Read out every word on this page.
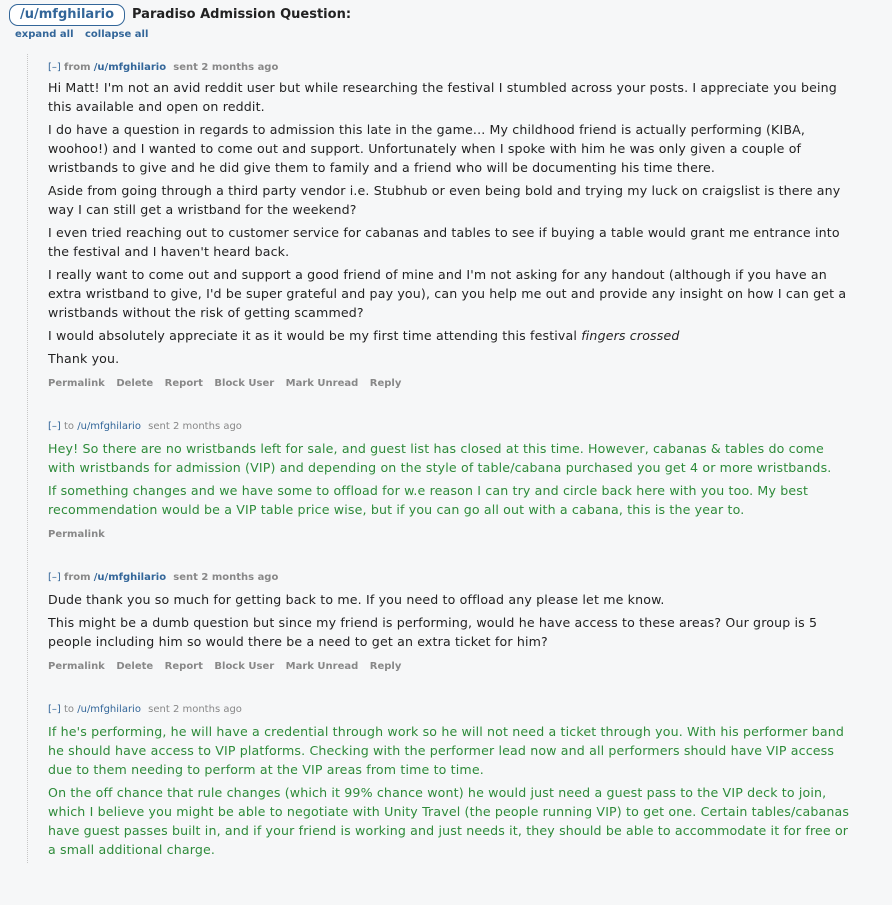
/u/mfghilario	Paradiso Admission Question:
expand all collapse all
[–] from /u/mfghilario sent 2 months ago

Hi Matt! I'm not an avid reddit user but while researching the festival I stumbled across your posts. I appreciate you being this available and open on reddit.

I do have a question in regards to admission this late in the game... My childhood friend is actually performing (KIBA, woohoo!) and I wanted to come out and support. Unfortunately when I spoke with him he was only given a couple of wristbands to give and he did give them to family and a friend who will be documenting his time there.

Aside from going through a third party vendor i.e. Stubhub or even being bold and trying my luck on craigslist is there any way I can still get a wristband for the weekend?

I even tried reaching out to customer service for cabanas and tables to see if buying a table would grant me entrance into the festival and I haven't heard back.

I really want to come out and support a good friend of mine and I'm not asking for any handout (although if you have an extra wristband to give, I'd be super grateful and pay you), can you help me out and provide any insight on how I can get a wristbands without the risk of getting scammed?

I would absolutely appreciate it as it would be my first time attending this festival fingers crossed

Thank you.

Permalink Delete Report Block User Mark Unread Reply
[–] to /u/mfghilario sent 2 months ago

Hey! So there are no wristbands left for sale, and guest list has closed at this time. However, cabanas & tables do come with wristbands for admission (VIP) and depending on the style of table/cabana purchased you get 4 or more wristbands.

If something changes and we have some to offload for w.e reason I can try and circle back here with you too. My best recommendation would be a VIP table price wise, but if you can go all out with a cabana, this is the year to.

Permalink
[–] from /u/mfghilario sent 2 months ago

Dude thank you so much for getting back to me. If you need to offload any please let me know.

This might be a dumb question but since my friend is performing, would he have access to these areas? Our group is 5 people including him so would there be a need to get an extra ticket for him?

Permalink Delete Report Block User Mark Unread Reply
[–] to /u/mfghilario sent 2 months ago

If he's performing, he will have a credential through work so he will not need a ticket through you. With his performer band he should have access to VIP platforms. Checking with the performer lead now and all performers should have VIP access due to them needing to perform at the VIP areas from time to time.

On the off chance that rule changes (which it 99% chance wont) he would just need a guest pass to the VIP deck to join, which I believe you might be able to negotiate with Unity Travel (the people running VIP) to get one. Certain tables/cabanas have guest passes built in, and if your friend is working and just needs it, they should be able to accommodate it for free or a small additional charge.
